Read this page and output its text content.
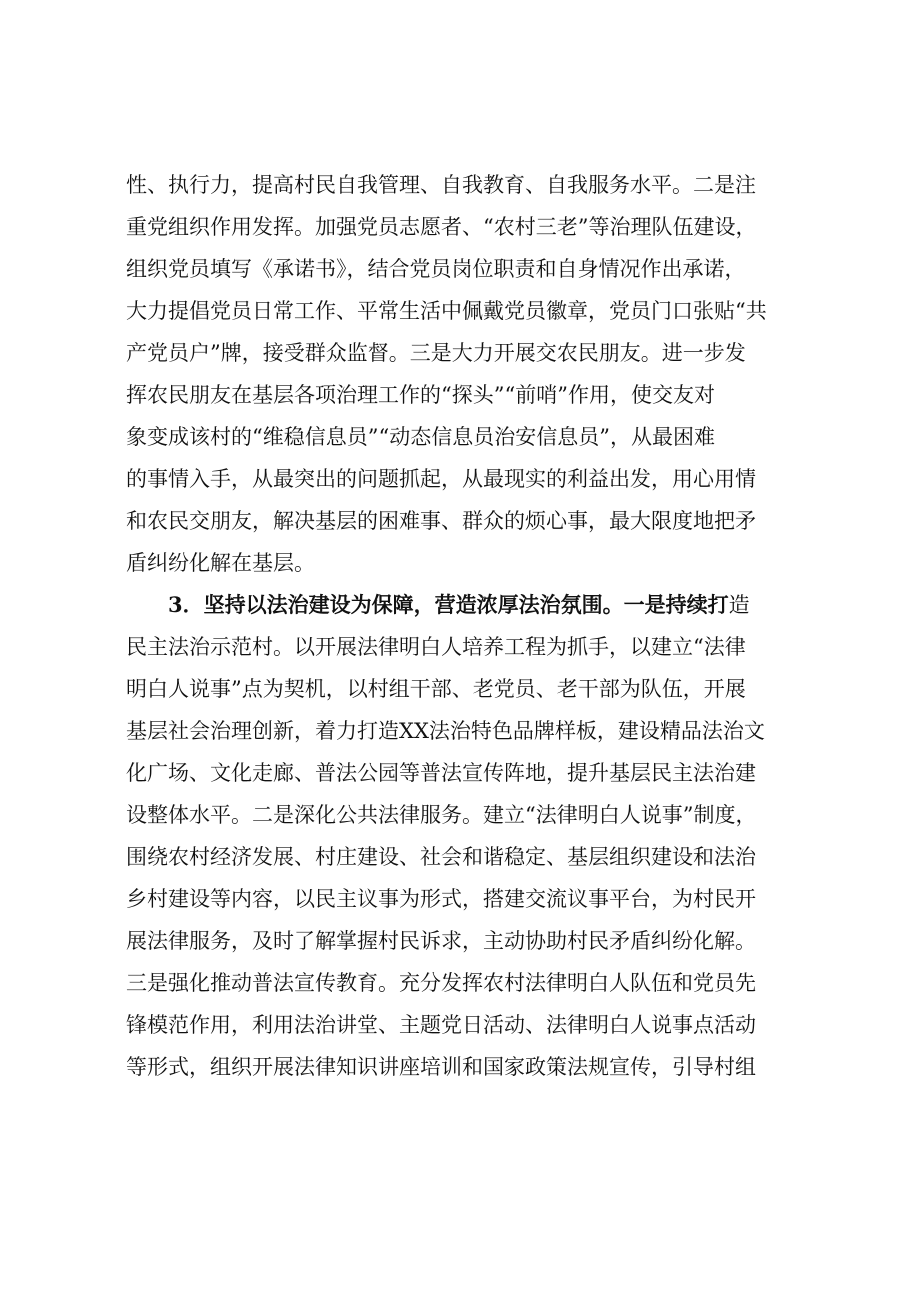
性、执行力，提高村民自我管理、自我教育、自我服务水平。二是注
重党组织作用发挥。加强党员志愿者、“农村三老”等治理队伍建设，
组织党员填写《承诺书》，结合党员岗位职责和自身情况作出承诺，
大力提倡党员日常工作、平常生活中佩戴党员徽章，党员门口张贴“共
产党员户”牌，接受群众监督。三是大力开展交农民朋友。进一步发
挥农民朋友在基层各项治理工作的“探头”“前哨”作用，使交友对
象变成该村的“维稳信息员”“动态信息员治安信息员”，从最困难
的事情入手，从最突出的问题抓起，从最现实的利益出发，用心用情
和农民交朋友，解决基层的困难事、群众的烦心事，最大限度地把矛
盾纠纷化解在基层。
3．坚持以法治建设为保障，营造浓厚法治氛围。一是持续打造
民主法治示范村。以开展法律明白人培养工程为抓手，以建立“法律
明白人说事”点为契机，以村组干部、老党员、老干部为队伍，开展
基层社会治理创新，着力打造XX法治特色品牌样板，建设精品法治文
化广场、文化走廊、普法公园等普法宣传阵地，提升基层民主法治建
设整体水平。二是深化公共法律服务。建立“法律明白人说事”制度，
围绕农村经济发展、村庄建设、社会和谐稳定、基层组织建设和法治
乡村建设等内容，以民主议事为形式，搭建交流议事平台，为村民开
展法律服务，及时了解掌握村民诉求，主动协助村民矛盾纠纷化解。
三是强化推动普法宣传教育。充分发挥农村法律明白人队伍和党员先
锋模范作用，利用法治讲堂、主题党日活动、法律明白人说事点活动
等形式，组织开展法律知识讲座培训和国家政策法规宣传，引导村组
